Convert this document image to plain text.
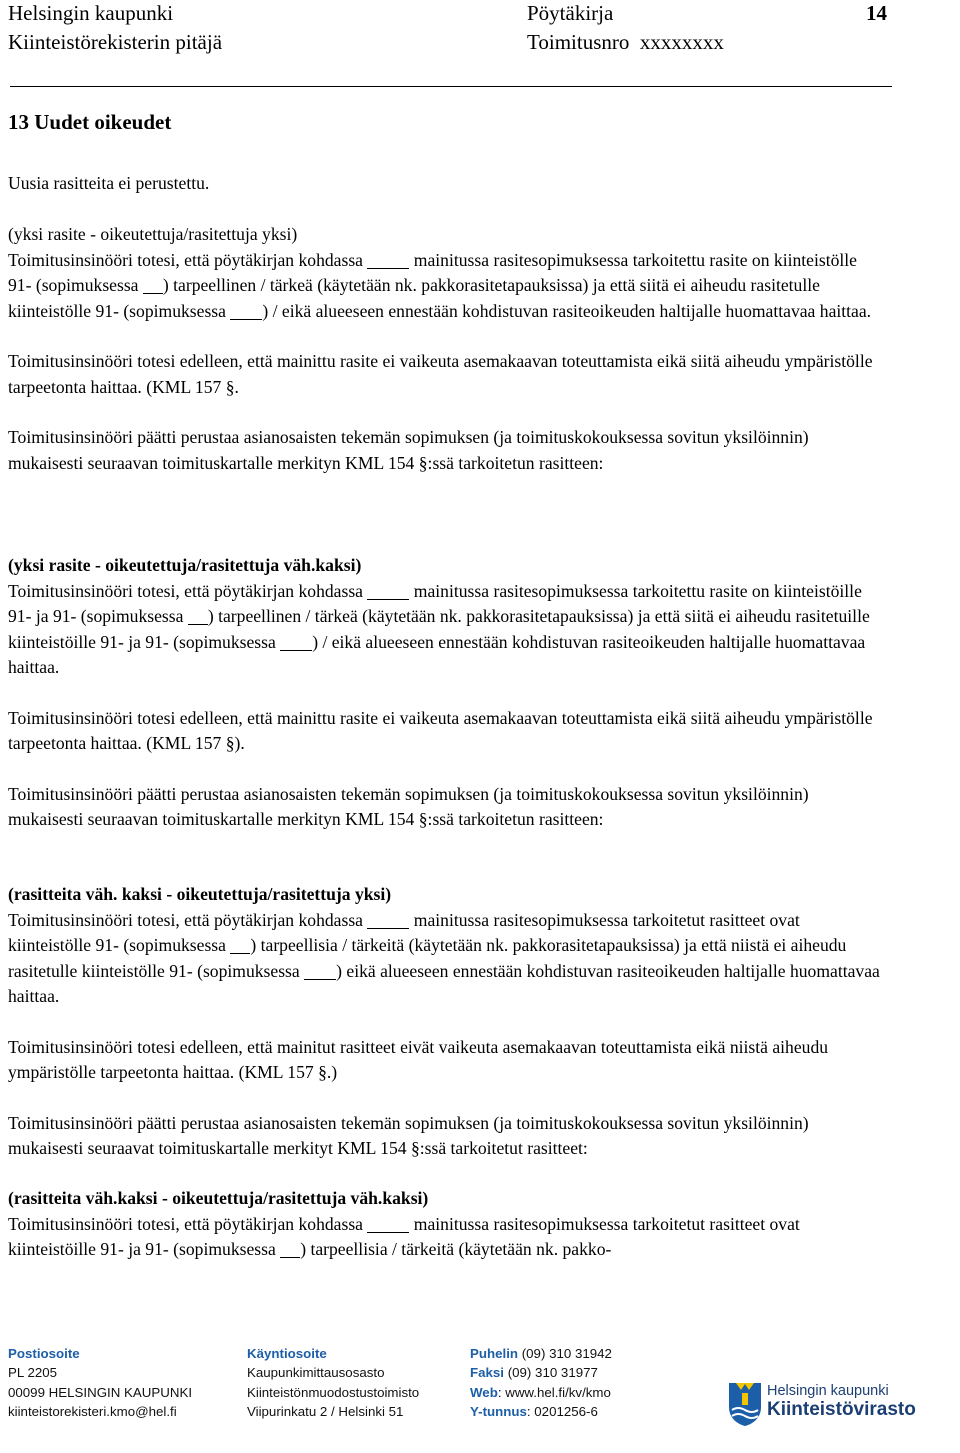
Helsingin kaupunki
Kiinteistörekisterin pitäjä
Pöytäkirja
Toimitusnro  xxxxxxxx
14
13 Uudet oikeudet

Uusia rasitteita ei perustettu.

(yksi rasite - oikeutettuja/rasitettuja yksi)

Toimitusinsinööri totesi, että pöytäkirjan kohdassa  mainitussa rasitesopimuksessa tarkoitettu rasite on kiinteistölle 91- (sopimuksessa ) tarpeellinen / tärkeä (käytetään nk. pakkorasitetapauksissa) ja että siitä ei aiheudu rasitetulle kiinteistölle 91- (sopimuksessa ) / eikä alueeseen ennestään kohdistuvan rasiteoikeuden haltijalle huomattavaa haittaa.

Toimitusinsinööri totesi edelleen, että mainittu rasite ei vaikeuta asemakaavan toteuttamista eikä siitä aiheudu ympäristölle tarpeetonta haittaa. (KML 157 §.

Toimitusinsinööri päätti perustaa asianosaisten tekemän sopimuksen (ja toimituskokouksessa sovitun yksilöinnin) mukaisesti seuraavan toimituskartalle merkityn KML 154 §:ssä tarkoitetun rasitteen:

(yksi rasite - oikeutettuja/rasitettuja väh.kaksi)

Toimitusinsinööri totesi, että pöytäkirjan kohdassa  mainitussa rasitesopimuksessa tarkoitettu rasite on kiinteistöille 91- ja 91- (sopimuksessa ) tarpeellinen / tärkeä (käytetään nk. pakkorasitetapauksissa) ja että siitä ei aiheudu rasitetuille kiinteistöille 91- ja 91- (sopimuksessa ) / eikä alueeseen ennestään kohdistuvan rasiteoikeuden haltijalle huomattavaa haittaa.

Toimitusinsinööri totesi edelleen, että mainittu rasite ei vaikeuta asemakaavan toteuttamista eikä siitä aiheudu ympäristölle tarpeetonta haittaa. (KML 157 §).

Toimitusinsinööri päätti perustaa asianosaisten tekemän sopimuksen (ja toimituskokouksessa sovitun yksilöinnin) mukaisesti seuraavan toimituskartalle merkityn KML 154 §:ssä tarkoitetun rasitteen:

(rasitteita väh. kaksi - oikeutettuja/rasitettuja yksi)

Toimitusinsinööri totesi, että pöytäkirjan kohdassa  mainitussa rasitesopimuksessa tarkoitetut rasitteet ovat kiinteistölle 91- (sopimuksessa ) tarpeellisia / tärkeitä (käytetään nk. pakkorasitetapauksissa) ja että niistä ei aiheudu rasitetulle kiinteistölle 91- (sopimuksessa ) eikä alueeseen ennestään kohdistuvan rasiteoikeuden haltijalle huomattavaa haittaa.

Toimitusinsinööri totesi edelleen, että mainitut rasitteet eivät vaikeuta asemakaavan toteuttamista eikä niistä aiheudu ympäristölle tarpeetonta haittaa. (KML 157 §.)

Toimitusinsinööri päätti perustaa asianosaisten tekemän sopimuksen (ja toimituskokouksessa sovitun yksilöinnin) mukaisesti seuraavat toimituskartalle merkityt KML 154 §:ssä tarkoitetut rasitteet:

(rasitteita väh.kaksi - oikeutettuja/rasitettuja väh.kaksi)

Toimitusinsinööri totesi, että pöytäkirjan kohdassa  mainitussa rasitesopimuksessa tarkoitetut rasitteet ovat kiinteistöille 91- ja 91- (sopimuksessa ) tarpeellisia / tärkeitä (käytetään nk. pakko-

Postiosoite
PL 2205
00099 HELSINGIN KAUPUNKI
kiinteistorekisteri.kmo@hel.fi
Käyntiosoite
Kaupunkimittausosasto
Kiinteistönmuodostustoimisto
Viipurinkatu 2 / Helsinki 51
Puhelin (09) 310 31942
Faksi (09) 310 31977
Web: www.hel.fi/kv/kmo
Y-tunnus: 0201256-6
Helsingin kaupunki
Kiinteistövirasto
